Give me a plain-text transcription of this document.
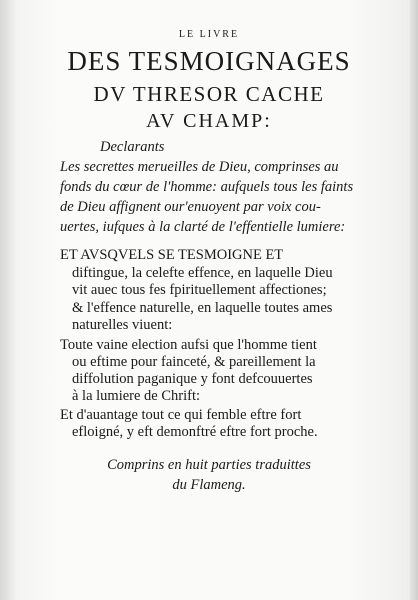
LE LIVRE
DES TESMOIGNAGES
DV THRESOR CACHE
AV CHAMP:
Declarants
Les secrettes merueilles de Dieu, comprinses au
fonds du cœur de l'homme: aufquels tous les faints
de Dieu affignent our'enuoyent par voix cou-
uertes, iufques à la clarté de l'effentielle lumiere:
ET AVSQVELS SE TESMOIGNE ET
diftingue, la celefte effence, en laquelle Dieu
vit auec tous fes fpirituellement affectiones;
& l'effence naturelle, en laquelle toutes ames
naturelles viuent:
Toute vaine election aufsi que l'homme tient
ou eftime pour fainceté, & pareillement la
diffolution paganique y font defcouuertes
à la lumiere de Chrift:
Et d'auantage tout ce qui femble eftre fort
efloigné, y eft demonftré eftre fort proche.
Comprins en huit parties traduittes
du Flameng.
